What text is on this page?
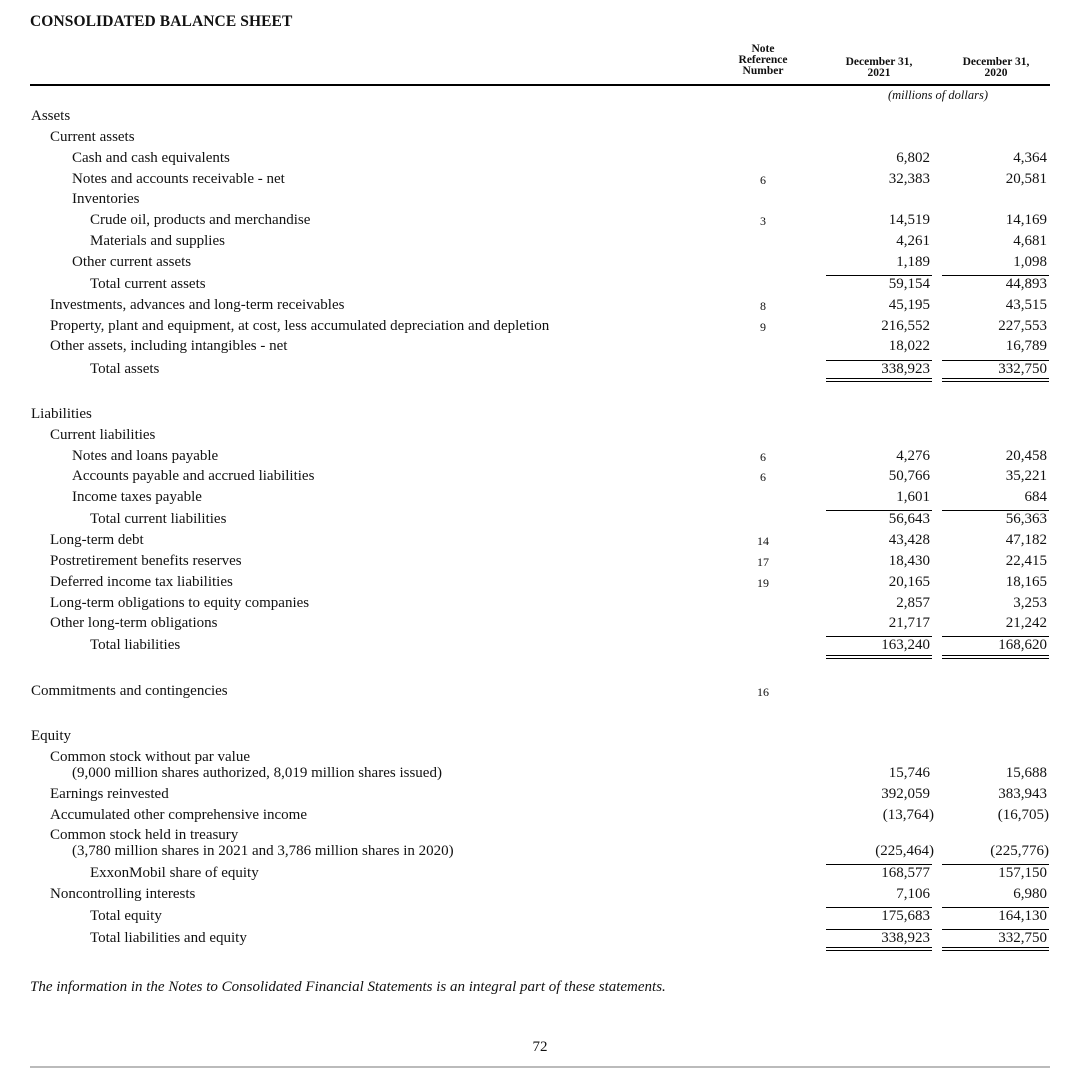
CONSOLIDATED BALANCE SHEET
Note
Reference
Number
December 31,
2021
December 31,
2020
(millions of dollars)
Assets
Current assets
Cash and cash equivalents	6,802	4,364
Notes and accounts receivable - net	6	32,383	20,581
Inventories
Crude oil, products and merchandise	3	14,519	14,169
Materials and supplies	4,261	4,681
Other current assets	1,189	1,098
Total current assets	59,154	44,893
Investments, advances and long-term receivables	8	45,195	43,515
Property, plant and equipment, at cost, less accumulated depreciation and depletion	9	216,552	227,553
Other assets, including intangibles - net	18,022	16,789
Total assets	338,923	332,750
Liabilities
Current liabilities
Notes and loans payable	6	4,276	20,458
Accounts payable and accrued liabilities	6	50,766	35,221
Income taxes payable	1,601	684
Total current liabilities	56,643	56,363
Long-term debt	14	43,428	47,182
Postretirement benefits reserves	17	18,430	22,415
Deferred income tax liabilities	19	20,165	18,165
Long-term obligations to equity companies	2,857	3,253
Other long-term obligations	21,717	21,242
Total liabilities	163,240	168,620
Commitments and contingencies	16
Equity
Common stock without par value
(9,000 million shares authorized, 8,019 million shares issued)	15,746	15,688
Earnings reinvested	392,059	383,943
Accumulated other comprehensive income	(13,764)	(16,705)
Common stock held in treasury
(3,780 million shares in 2021 and 3,786 million shares in 2020)	(225,464)	(225,776)
ExxonMobil share of equity	168,577	157,150
Noncontrolling interests	7,106	6,980
Total equity	175,683	164,130
Total liabilities and equity	338,923	332,750
The information in the Notes to Consolidated Financial Statements is an integral part of these statements.
72
